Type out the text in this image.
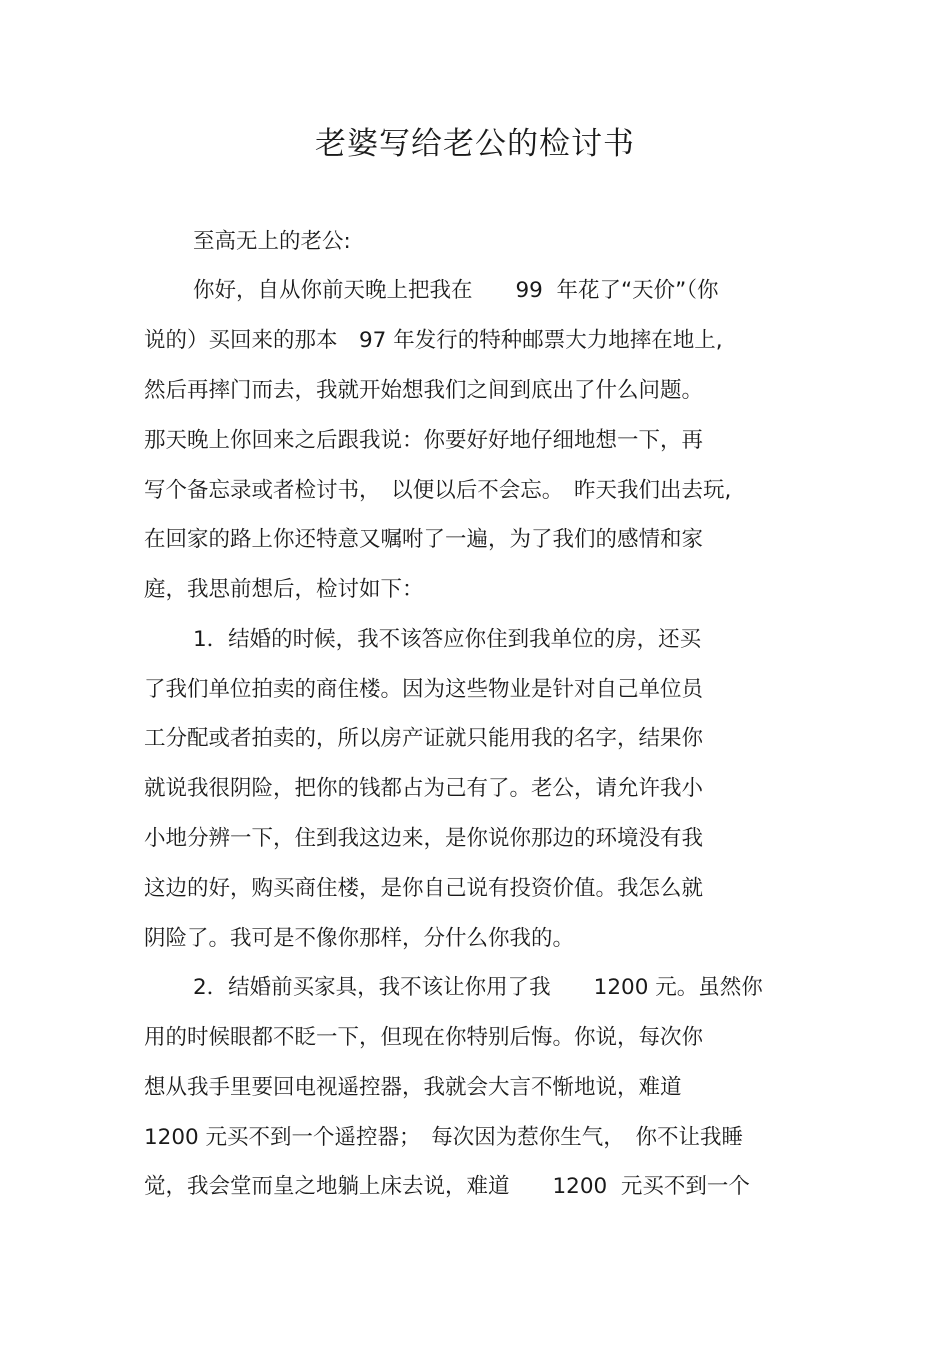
老婆写给老公的检讨书
至高无上的老公:
你好，自从你前天晚上把我在　　99  年花了“天价”（你
说的）买回来的那本　97 年发行的特种邮票大力地摔在地上,
然后再摔门而去，我就开始想我们之间到底出了什么问题。
那天晚上你回来之后跟我说：你要好好地仔细地想一下，再
写个备忘录或者检讨书，　以便以后不会忘。　昨天我们出去玩,
在回家的路上你还特意又嘱咐了一遍，为了我们的感情和家
庭，我思前想后，检讨如下：
1．结婚的时候，我不该答应你住到我单位的房，还买
了我们单位拍卖的商住楼。因为这些物业是针对自己单位员
工分配或者拍卖的，所以房产证就只能用我的名字，结果你
就说我很阴险，把你的钱都占为己有了。老公，请允许我小
小地分辨一下，住到我这边来，是你说你那边的环境没有我
这边的好，购买商住楼，是你自己说有投资价值。我怎么就
阴险了。我可是不像你那样，分什么你我的。
2．结婚前买家具，我不该让你用了我　　1200 元。虽然你
用的时候眼都不眨一下，但现在你特别后悔。你说，每次你
想从我手里要回电视遥控器，我就会大言不惭地说，难道
1200 元买不到一个遥控器；　每次因为惹你生气，　你不让我睡
觉，我会堂而皇之地躺上床去说，难道　　1200  元买不到一个
